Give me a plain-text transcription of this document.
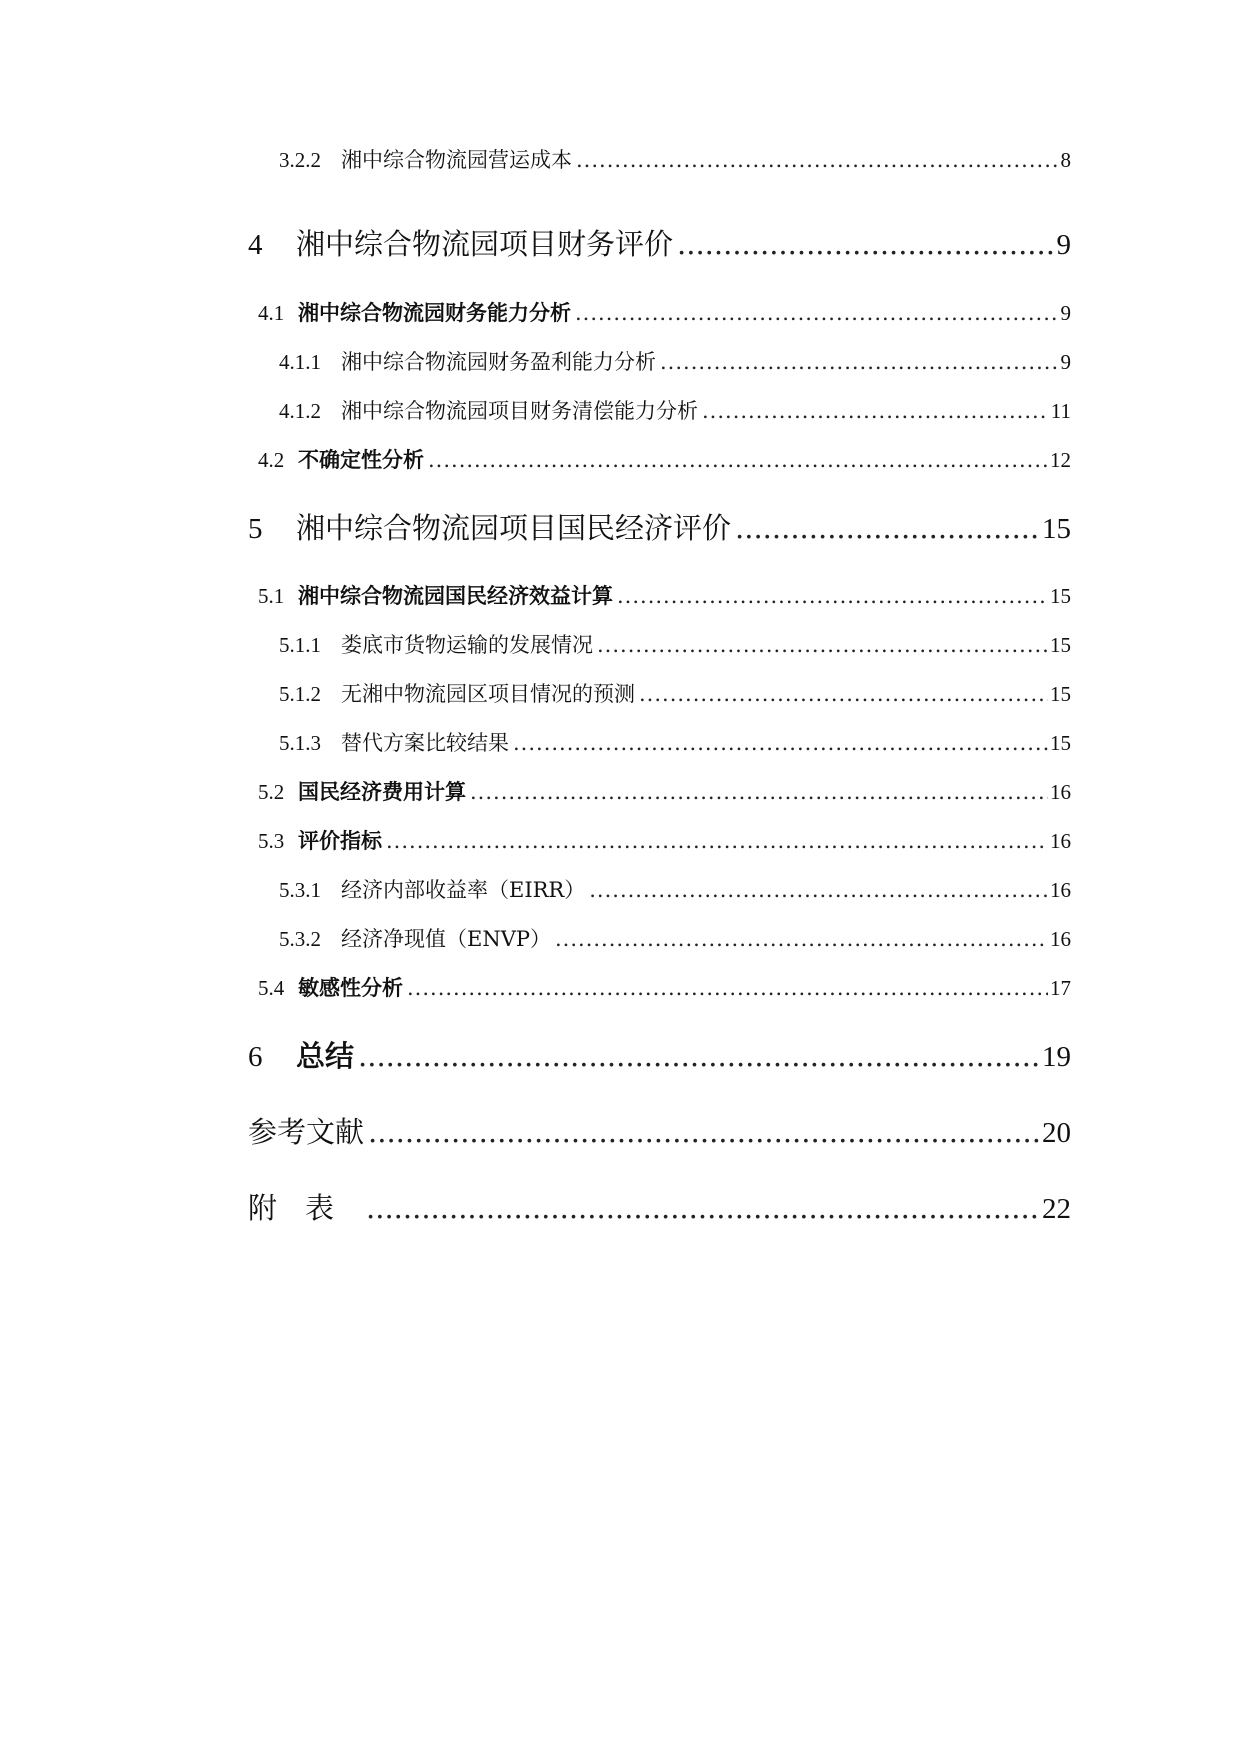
3.2.2 湘中综合物流园营运成本 .....	8
4	湘中综合物流园项目财务评价 .....	9
4.1 湘中综合物流园财务能力分析 .....	9
4.1.1 湘中综合物流园财务盈利能力分析 .....	9
4.1.2 湘中综合物流园项目财务清偿能力分析 .....	11
4.2 不确定性分析 .....	12
5	湘中综合物流园项目国民经济评价 .....	15
5.1 湘中综合物流园国民经济效益计算 .....	15
5.1.1 娄底市货物运输的发展情况 .....	15
5.1.2 无湘中物流园区项目情况的预测 .....	15
5.1.3 替代方案比较结果 .....	15
5.2 国民经济费用计算 .....	16
5.3 评价指标 .....	16
5.3.1 经济内部收益率（EIRR） .....	16
5.3.2 经济净现值（ENVP） .....	16
5.4 敏感性分析 .....	17
6	总结 .....	19
参考文献 .....	20
附表 .....	22
